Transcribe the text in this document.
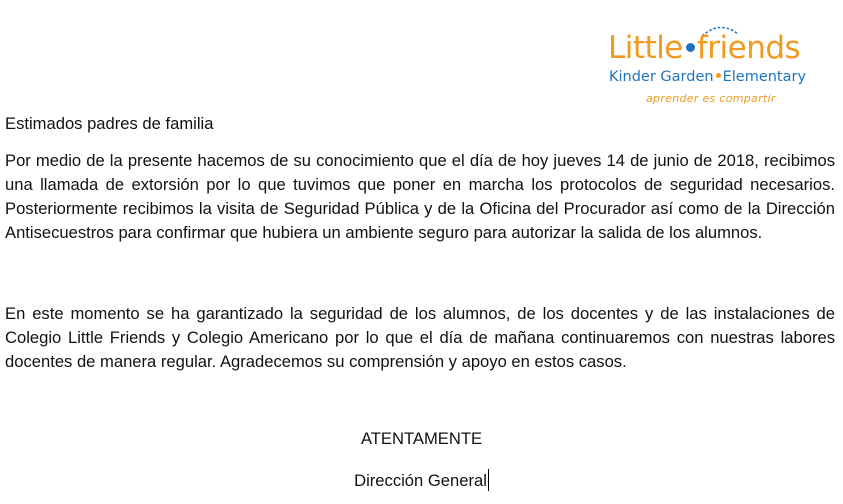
Little friends
Kinder Garden Elementary
aprender es compartir
Estimados padres de familia
Por medio de la presente hacemos de su conocimiento que el día de hoy jueves 14 de junio de 2018, recibimos una llamada de extorsión por lo que tuvimos que poner en marcha los protocolos de seguridad necesarios. Posteriormente recibimos la visita de Seguridad Pública y de la Oficina del Procurador así como de la Dirección Antisecuestros para confirmar que hubiera un ambiente seguro para autorizar la salida de los alumnos.
En este momento se ha garantizado la seguridad de los alumnos, de los docentes y de las instalaciones de Colegio Little Friends y Colegio Americano por lo que el día de mañana continuaremos con nuestras labores docentes de manera regular. Agradecemos su comprensión y apoyo en estos casos.
ATENTAMENTE
Dirección General
